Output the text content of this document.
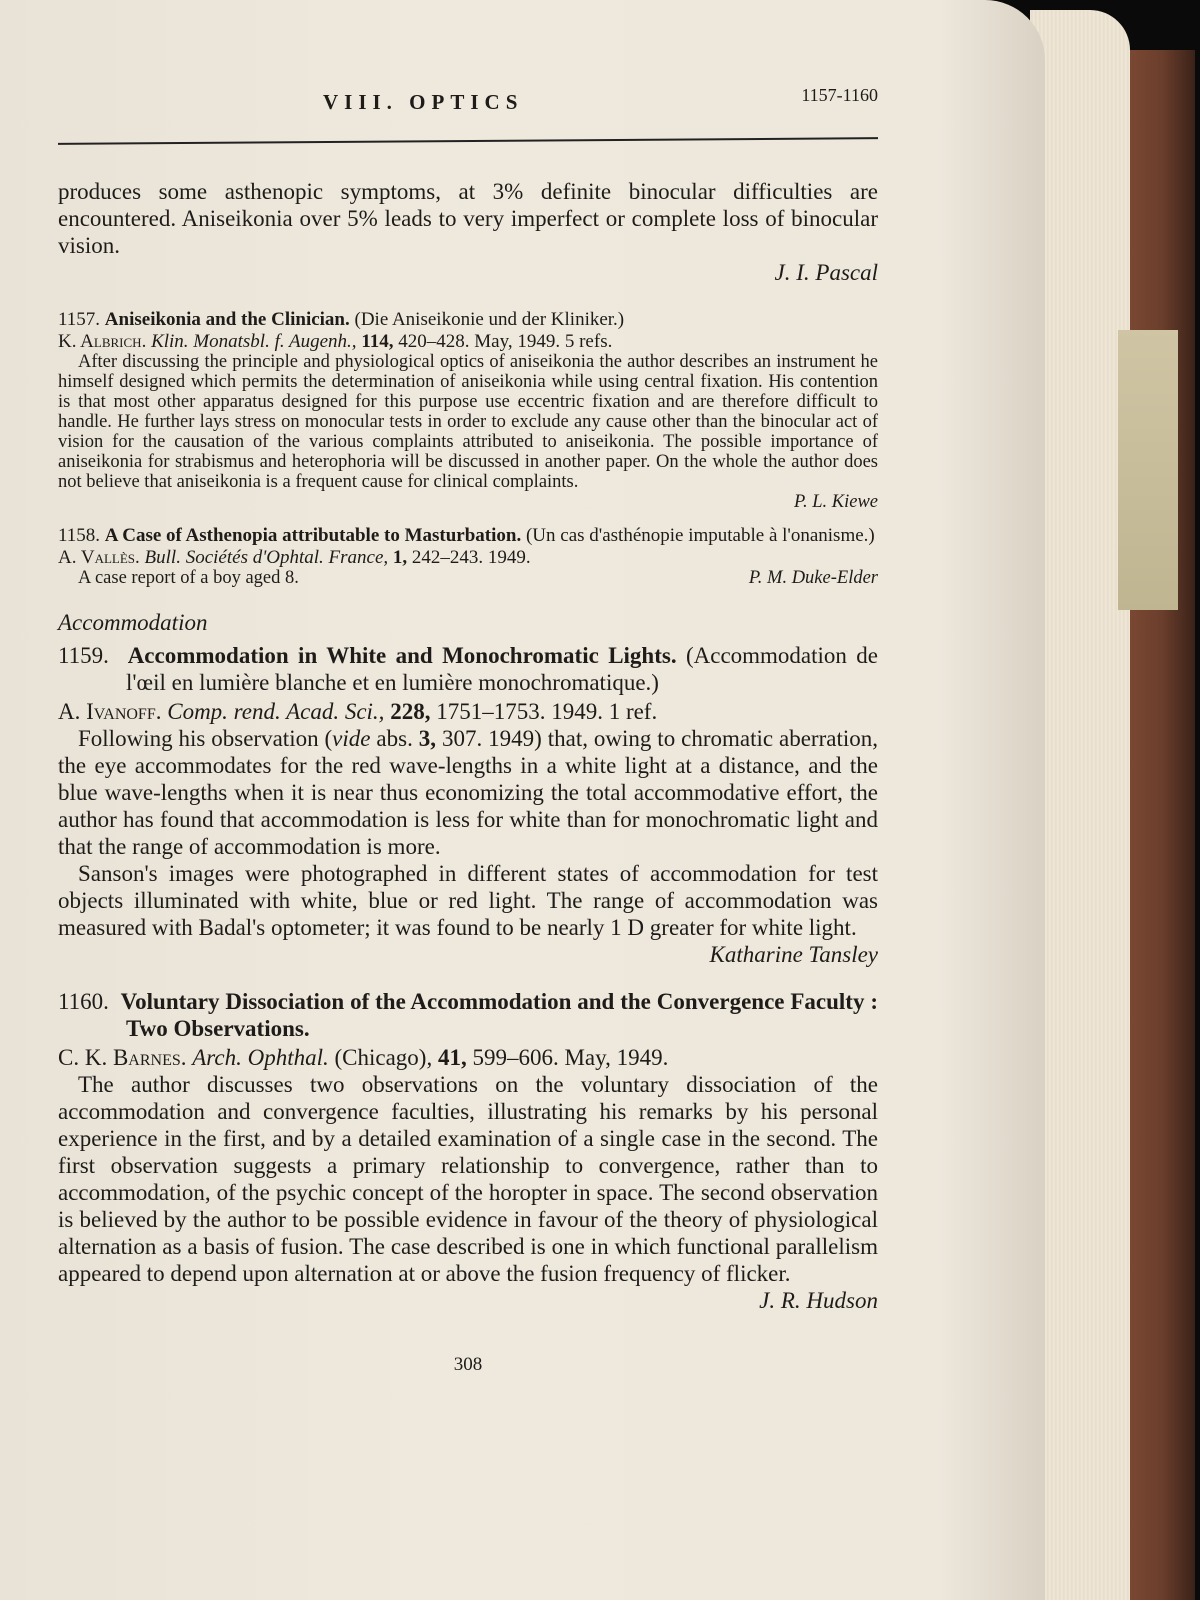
VIII. OPTICS	1157-1160

produces some asthenopic symptoms, at 3% definite binocular difficulties are encountered. Aniseikonia over 5% leads to very imperfect or complete loss of binocular vision.

J. I. Pascal

1157. Aniseikonia and the Clinician. (Die Aniseikonie und der Kliniker.)

K. Albrich. Klin. Monatsbl. f. Augenh., 114, 420–428. May, 1949. 5 refs.

After discussing the principle and physiological optics of aniseikonia the author describes an instrument he himself designed which permits the determination of aniseikonia while using central fixation. His contention is that most other apparatus designed for this purpose use eccentric fixation and are therefore difficult to handle. He further lays stress on monocular tests in order to exclude any cause other than the binocular act of vision for the causation of the various complaints attributed to aniseikonia. The possible importance of aniseikonia for strabismus and heterophoria will be discussed in another paper. On the whole the author does not believe that aniseikonia is a frequent cause for clinical complaints.

P. L. Kiewe

1158. A Case of Asthenopia attributable to Masturbation. (Un cas d'asthénopie imputable à l'onanisme.)

A. Vallès. Bull. Sociétés d'Ophtal. France, 1, 242–243. 1949.

A case report of a boy aged 8.	P. M. Duke-Elder

Accommodation

1159. Accommodation in White and Monochromatic Lights. (Accommodation de l'œil en lumière blanche et en lumière monochromatique.)

A. Ivanoff. Comp. rend. Acad. Sci., 228, 1751–1753. 1949. 1 ref.

Following his observation (vide abs. 3, 307. 1949) that, owing to chromatic aberration, the eye accommodates for the red wave-lengths in a white light at a distance, and the blue wave-lengths when it is near thus economizing the total accommodative effort, the author has found that accommodation is less for white than for monochromatic light and that the range of accommodation is more.

Sanson's images were photographed in different states of accommodation for test objects illuminated with white, blue or red light. The range of accommodation was measured with Badal's optometer; it was found to be nearly 1 D greater for white light.

Katharine Tansley

1160. Voluntary Dissociation of the Accommodation and the Convergence Faculty : Two Observations.

C. K. Barnes. Arch. Ophthal. (Chicago), 41, 599–606. May, 1949.

The author discusses two observations on the voluntary dissociation of the accommodation and convergence faculties, illustrating his remarks by his personal experience in the first, and by a detailed examination of a single case in the second. The first observation suggests a primary relationship to convergence, rather than to accommodation, of the psychic concept of the horopter in space. The second observation is believed by the author to be possible evidence in favour of the theory of physiological alternation as a basis of fusion. The case described is one in which functional parallelism appeared to depend upon alternation at or above the fusion frequency of flicker.

J. R. Hudson

308
